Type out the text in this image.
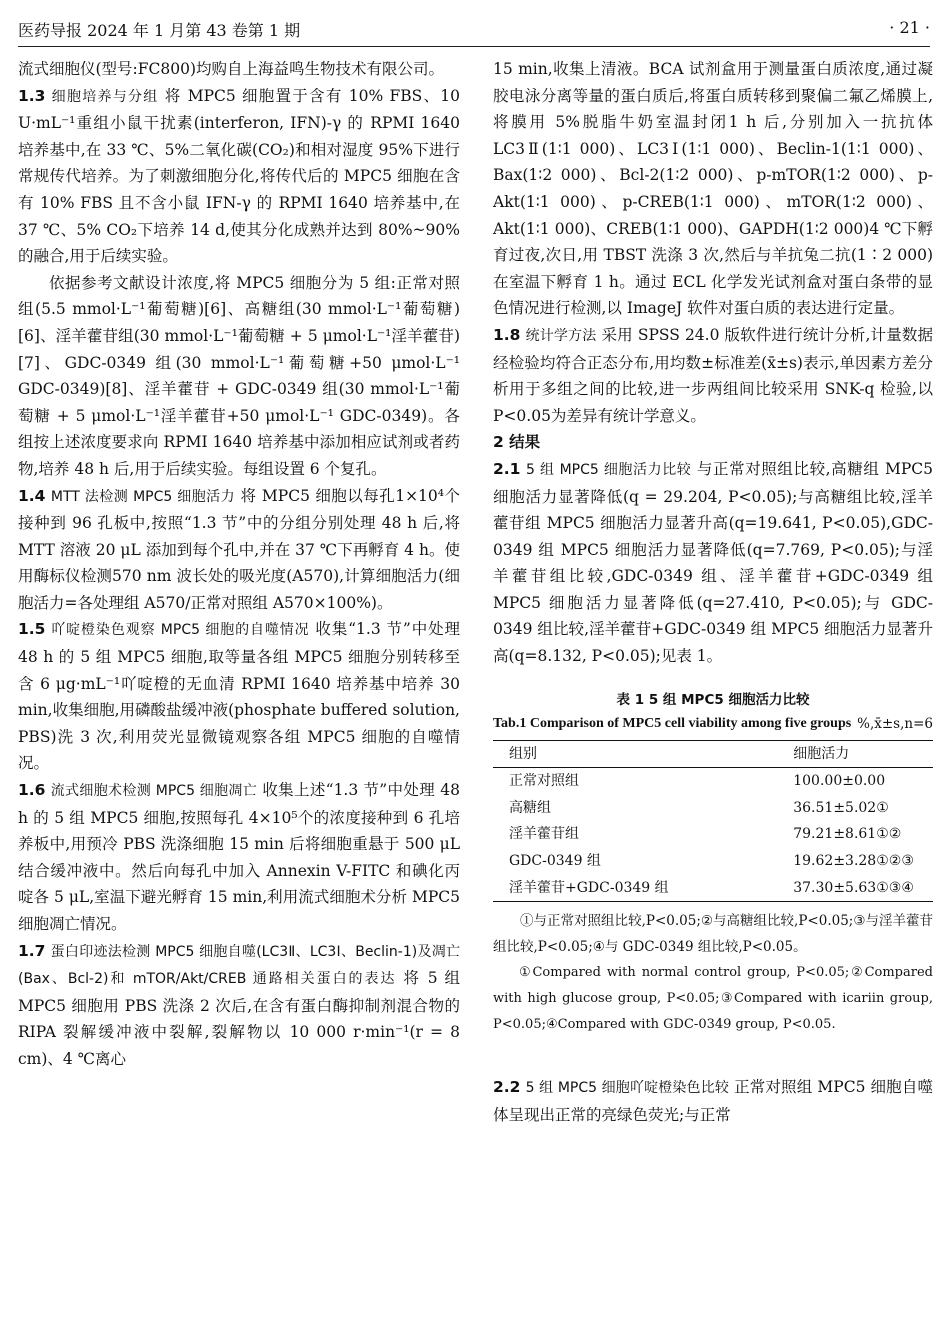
医药导报 2024 年 1 月第 43 卷第 1 期	· 21 ·

流式细胞仪(型号:FC800)均购自上海益鸣生物技术有限公司。

1.3 细胞培养与分组 将 MPC5 细胞置于含有 10% FBS、10 U·mL⁻¹重组小鼠干扰素(interferon, IFN)-γ 的 RPMI 1640 培养基中,在 33 ℃、5%二氧化碳(CO₂)和相对湿度 95%下进行常规传代培养。为了刺激细胞分化,将传代后的 MPC5 细胞在含有 10% FBS 且不含小鼠 IFN-γ 的 RPMI 1640 培养基中,在 37 ℃、5% CO₂下培养 14 d,使其分化成熟并达到 80%~90%的融合,用于后续实验。

依据参考文献设计浓度,将 MPC5 细胞分为 5 组:正常对照组(5.5 mmol·L⁻¹葡萄糖)[6]、高糖组(30 mmol·L⁻¹葡萄糖)[6]、淫羊藿苷组(30 mmol·L⁻¹葡萄糖 + 5 μmol·L⁻¹淫羊藿苷)[7]、GDC-0349 组(30 mmol·L⁻¹葡萄糖+50 μmol·L⁻¹ GDC-0349)[8]、淫羊藿苷 + GDC-0349 组(30 mmol·L⁻¹葡萄糖 + 5 μmol·L⁻¹淫羊藿苷+50 μmol·L⁻¹ GDC-0349)。各组按上述浓度要求向 RPMI 1640 培养基中添加相应试剂或者药物,培养 48 h 后,用于后续实验。每组设置 6 个复孔。

1.4 MTT 法检测 MPC5 细胞活力 将 MPC5 细胞以每孔1×10⁴个接种到 96 孔板中,按照“1.3 节”中的分组分别处理 48 h 后,将 MTT 溶液 20 μL 添加到每个孔中,并在 37 ℃下再孵育 4 h。使用酶标仪检测570 nm 波长处的吸光度(A570),计算细胞活力(细胞活力=各处理组 A570/正常对照组 A570×100%)。

1.5 吖啶橙染色观察 MPC5 细胞的自噬情况 收集“1.3 节”中处理 48 h 的 5 组 MPC5 细胞,取等量各组 MPC5 细胞分别转移至含 6 μg·mL⁻¹吖啶橙的无血清 RPMI 1640 培养基中培养 30 min,收集细胞,用磷酸盐缓冲液(phosphate buffered solution, PBS)洗 3 次,利用荧光显微镜观察各组 MPC5 细胞的自噬情况。

1.6 流式细胞术检测 MPC5 细胞凋亡 收集上述“1.3 节”中处理 48 h 的 5 组 MPC5 细胞,按照每孔 4×10⁵个的浓度接种到 6 孔培养板中,用预冷 PBS 洗涤细胞 15 min 后将细胞重悬于 500 μL 结合缓冲液中。然后向每孔中加入 Annexin V-FITC 和碘化丙啶各 5 μL,室温下避光孵育 15 min,利用流式细胞术分析 MPC5 细胞凋亡情况。

1.7 蛋白印迹法检测 MPC5 细胞自噬(LC3Ⅱ、LC3Ⅰ、Beclin-1)及凋亡(Bax、Bcl-2)和 mTOR/Akt/CREB 通路相关蛋白的表达 将 5 组 MPC5 细胞用 PBS 洗涤 2 次后,在含有蛋白酶抑制剂混合物的 RIPA 裂解缓冲液中裂解,裂解物以 10 000 r·min⁻¹(r = 8 cm)、4 ℃离心

15 min,收集上清液。BCA 试剂盒用于测量蛋白质浓度,通过凝胶电泳分离等量的蛋白质后,将蛋白质转移到聚偏二氟乙烯膜上,将膜用 5%脱脂牛奶室温封闭1 h 后,分别加入一抗抗体 LC3Ⅱ(1∶1 000)、LC3Ⅰ(1∶1 000)、Beclin-1(1∶1 000)、Bax(1∶2 000)、Bcl-2(1∶2 000)、p-mTOR(1∶2 000)、p-Akt(1∶1 000)、p-CREB(1∶1 000)、mTOR(1∶2 000)、Akt(1∶1 000)、CREB(1∶1 000)、GAPDH(1∶2 000)4 ℃下孵育过夜,次日,用 TBST 洗涤 3 次,然后与羊抗兔二抗(1∶2 000)在室温下孵育 1 h。通过 ECL 化学发光试剂盒对蛋白条带的显色情况进行检测,以 ImageJ 软件对蛋白质的表达进行定量。

1.8 统计学方法 采用 SPSS 24.0 版软件进行统计分析,计量数据经检验均符合正态分布,用均数±标准差(x̄±s)表示,单因素方差分析用于多组之间的比较,进一步两组间比较采用 SNK-q 检验,以 P<0.05为差异有统计学意义。

2 结果

2.1 5 组 MPC5 细胞活力比较 与正常对照组比较,高糖组 MPC5 细胞活力显著降低(q = 29.204, P<0.05);与高糖组比较,淫羊藿苷组 MPC5 细胞活力显著升高(q=19.641, P<0.05),GDC-0349 组 MPC5 细胞活力显著降低(q=7.769, P<0.05);与淫羊藿苷组比较,GDC-0349 组、淫羊藿苷+GDC-0349 组 MPC5 细胞活力显著降低(q=27.410, P<0.05);与 GDC-0349 组比较,淫羊藿苷+GDC-0349 组 MPC5 细胞活力显著升高(q=8.132, P<0.05);见表 1。

表 1 5 组 MPC5 细胞活力比较
Tab.1 Comparison of MPC5 cell viability among five groups %,x̄±s,n=6
组别	细胞活力
正常对照组	100.00±0.00
高糖组	36.51±5.02①
淫羊藿苷组	79.21±8.61①②
GDC-0349 组	19.62±3.28①②③
淫羊藿苷+GDC-0349 组	37.30±5.63①③④

①与正常对照组比较,P<0.05;②与高糖组比较,P<0.05;③与淫羊藿苷组比较,P<0.05;④与 GDC-0349 组比较,P<0.05。

①Compared with normal control group, P<0.05;②Compared with high glucose group, P<0.05;③Compared with icariin group, P<0.05;④Compared with GDC-0349 group, P<0.05.

2.2 5 组 MPC5 细胞吖啶橙染色比较 正常对照组 MPC5 细胞自噬体呈现出正常的亮绿色荧光;与正常
